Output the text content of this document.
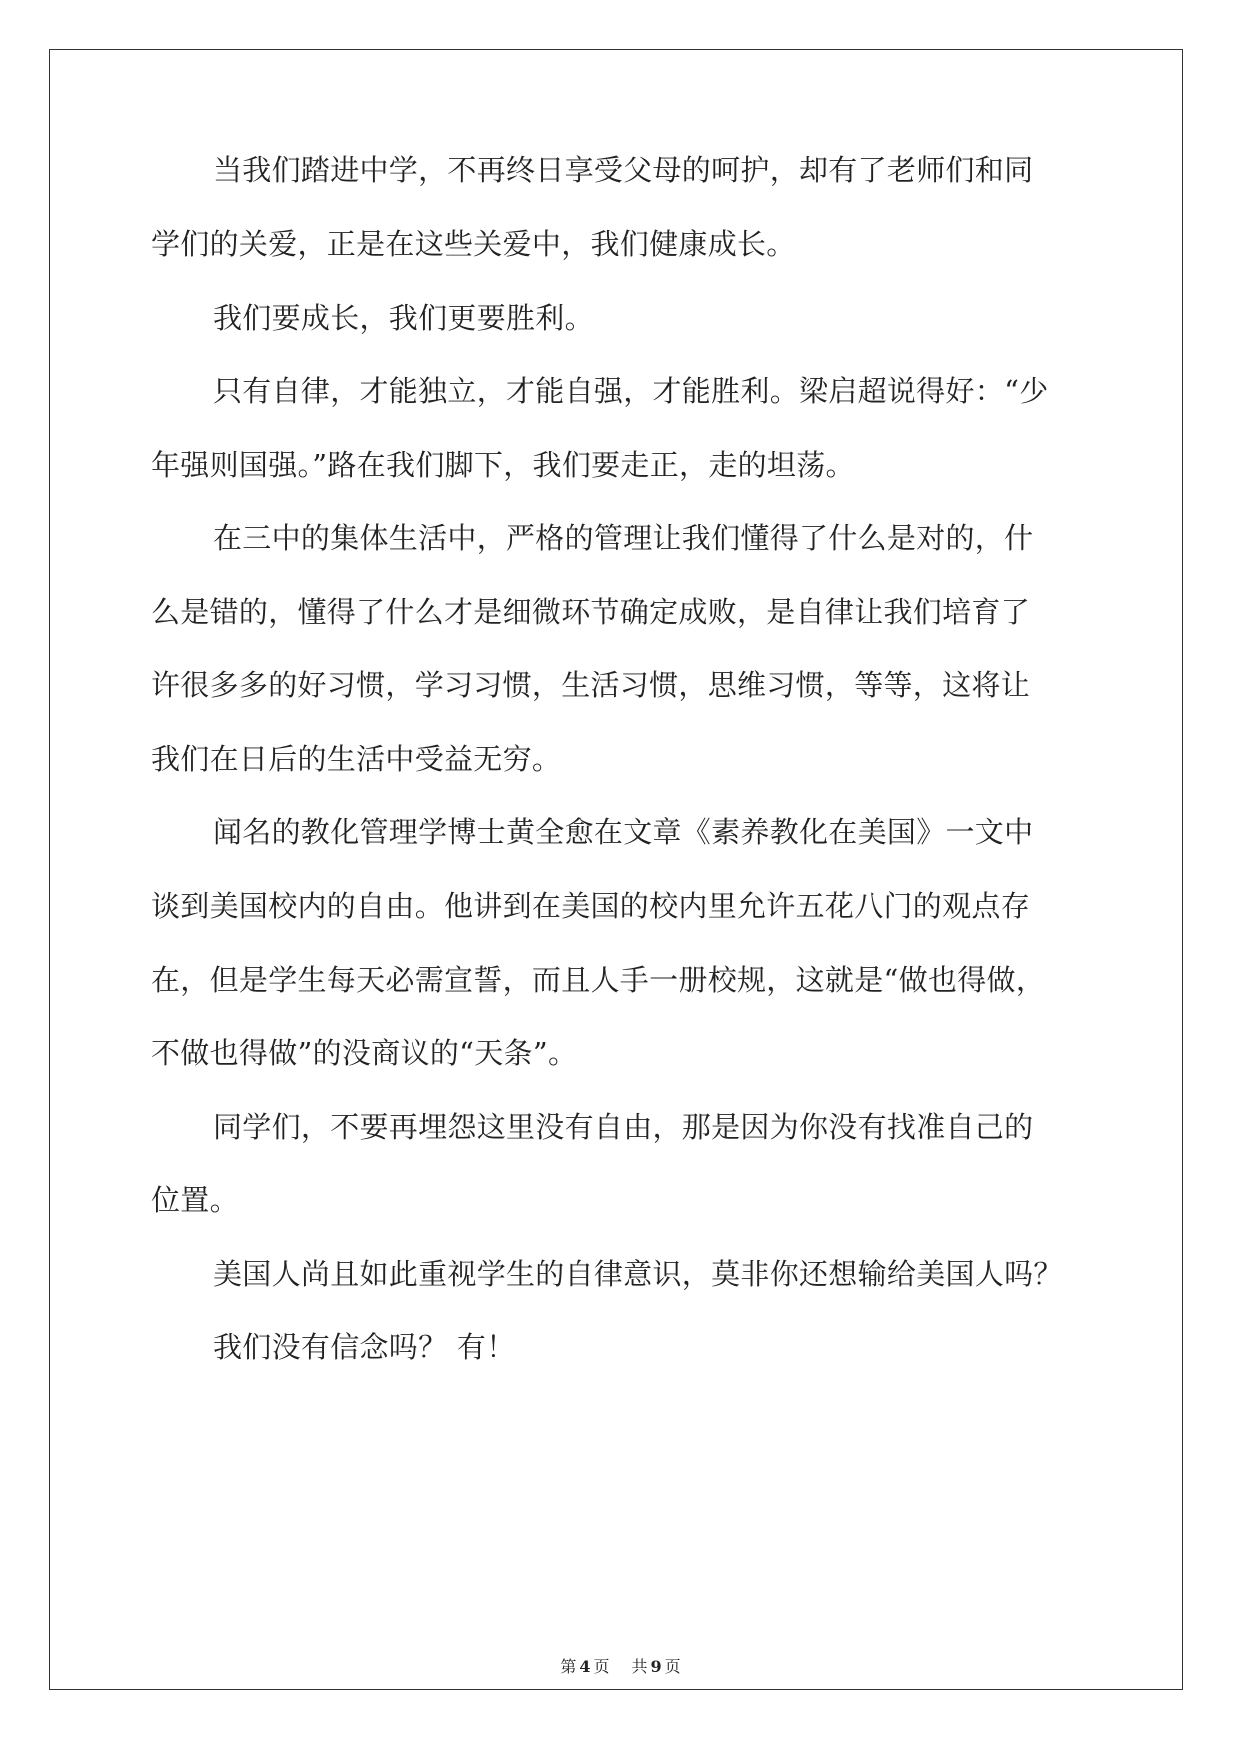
当我们踏进中学，不再终日享受父母的呵护，却有了老师们和同
学们的关爱，正是在这些关爱中，我们健康成长。
我们要成长，我们更要胜利。
只有自律，才能独立，才能自强，才能胜利。梁启超说得好：“少
年强则国强。”路在我们脚下，我们要走正，走的坦荡。
在三中的集体生活中，严格的管理让我们懂得了什么是对的，什
么是错的，懂得了什么才是细微环节确定成败，是自律让我们培育了
许很多多的好习惯，学习习惯，生活习惯，思维习惯，等等，这将让
我们在日后的生活中受益无穷。
闻名的教化管理学博士黄全愈在文章《素养教化在美国》一文中
谈到美国校内的自由。他讲到在美国的校内里允许五花八门的观点存
在，但是学生每天必需宣誓，而且人手一册校规，这就是“做也得做，
不做也得做”的没商议的“天条”。
同学们，不要再埋怨这里没有自由，那是因为你没有找准自己的
位置。
美国人尚且如此重视学生的自律意识，莫非你还想输给美国人吗？
我们没有信念吗？ 有！
第 4 页 共 9 页
